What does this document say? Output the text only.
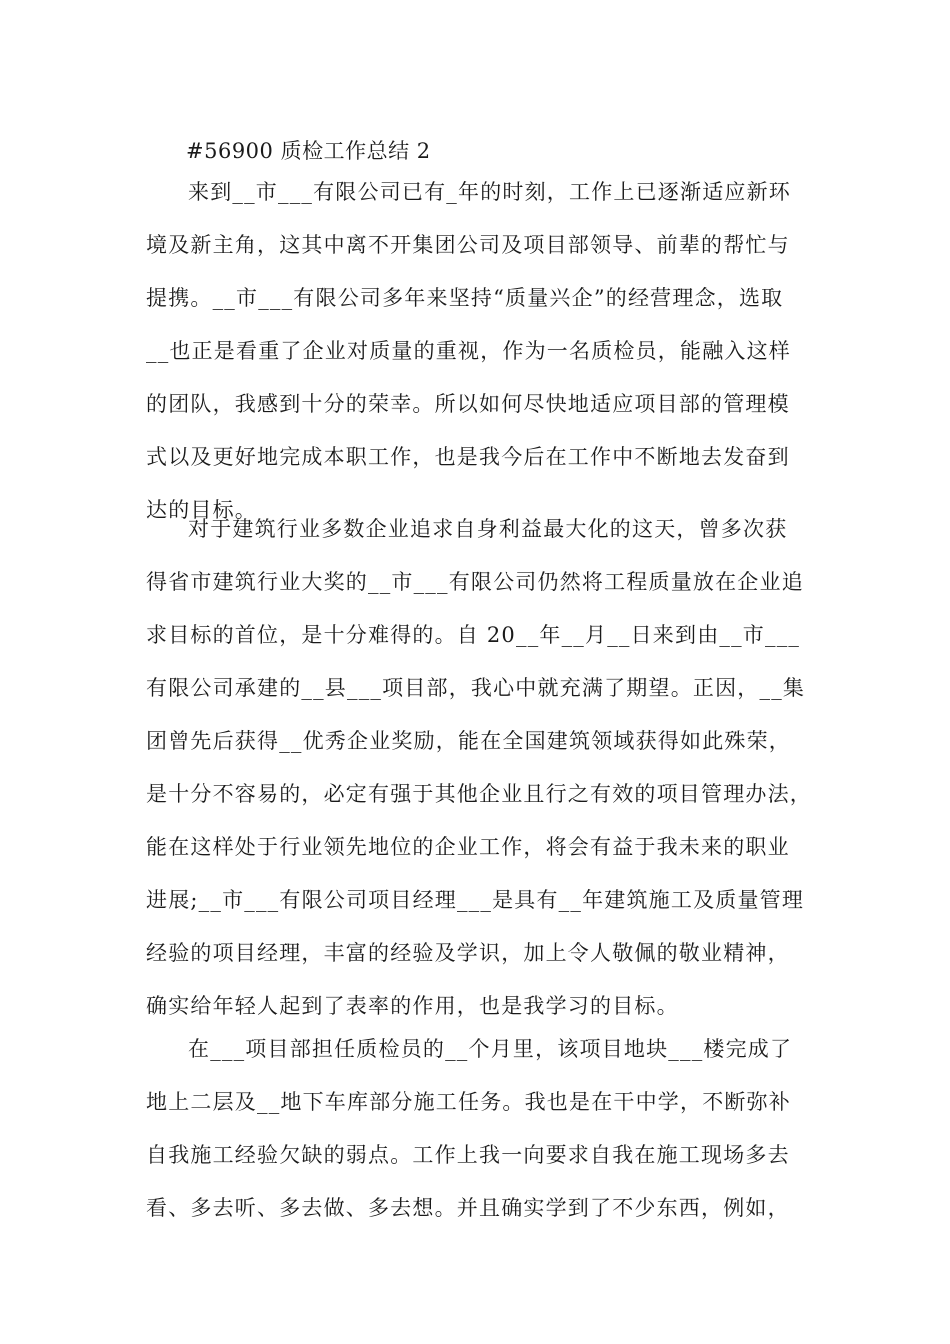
#56900 质检工作总结 2
来到__市___有限公司已有_年的时刻，工作上已逐渐适应新环
境及新主角，这其中离不开集团公司及项目部领导、前辈的帮忙与
提携。__市___有限公司多年来坚持“质量兴企”的经营理念，选取
__也正是看重了企业对质量的重视，作为一名质检员，能融入这样
的团队，我感到十分的荣幸。所以如何尽快地适应项目部的管理模
式以及更好地完成本职工作，也是我今后在工作中不断地去发奋到
达的目标。
对于建筑行业多数企业追求自身利益最大化的这天，曾多次获
得省市建筑行业大奖的__市___有限公司仍然将工程质量放在企业追
求目标的首位，是十分难得的。自 20__年__月__日来到由__市___
有限公司承建的__县___项目部，我心中就充满了期望。正因，__集
团曾先后获得__优秀企业奖励，能在全国建筑领域获得如此殊荣，
是十分不容易的，必定有强于其他企业且行之有效的项目管理办法，
能在这样处于行业领先地位的企业工作，将会有益于我未来的职业
进展;__市___有限公司项目经理___是具有__年建筑施工及质量管理
经验的项目经理，丰富的经验及学识，加上令人敬佩的敬业精神，
确实给年轻人起到了表率的作用，也是我学习的目标。
在___项目部担任质检员的__个月里，该项目地块___楼完成了
地上二层及__地下车库部分施工任务。我也是在干中学，不断弥补
自我施工经验欠缺的弱点。工作上我一向要求自我在施工现场多去
看、多去听、多去做、多去想。并且确实学到了不少东西，例如，
